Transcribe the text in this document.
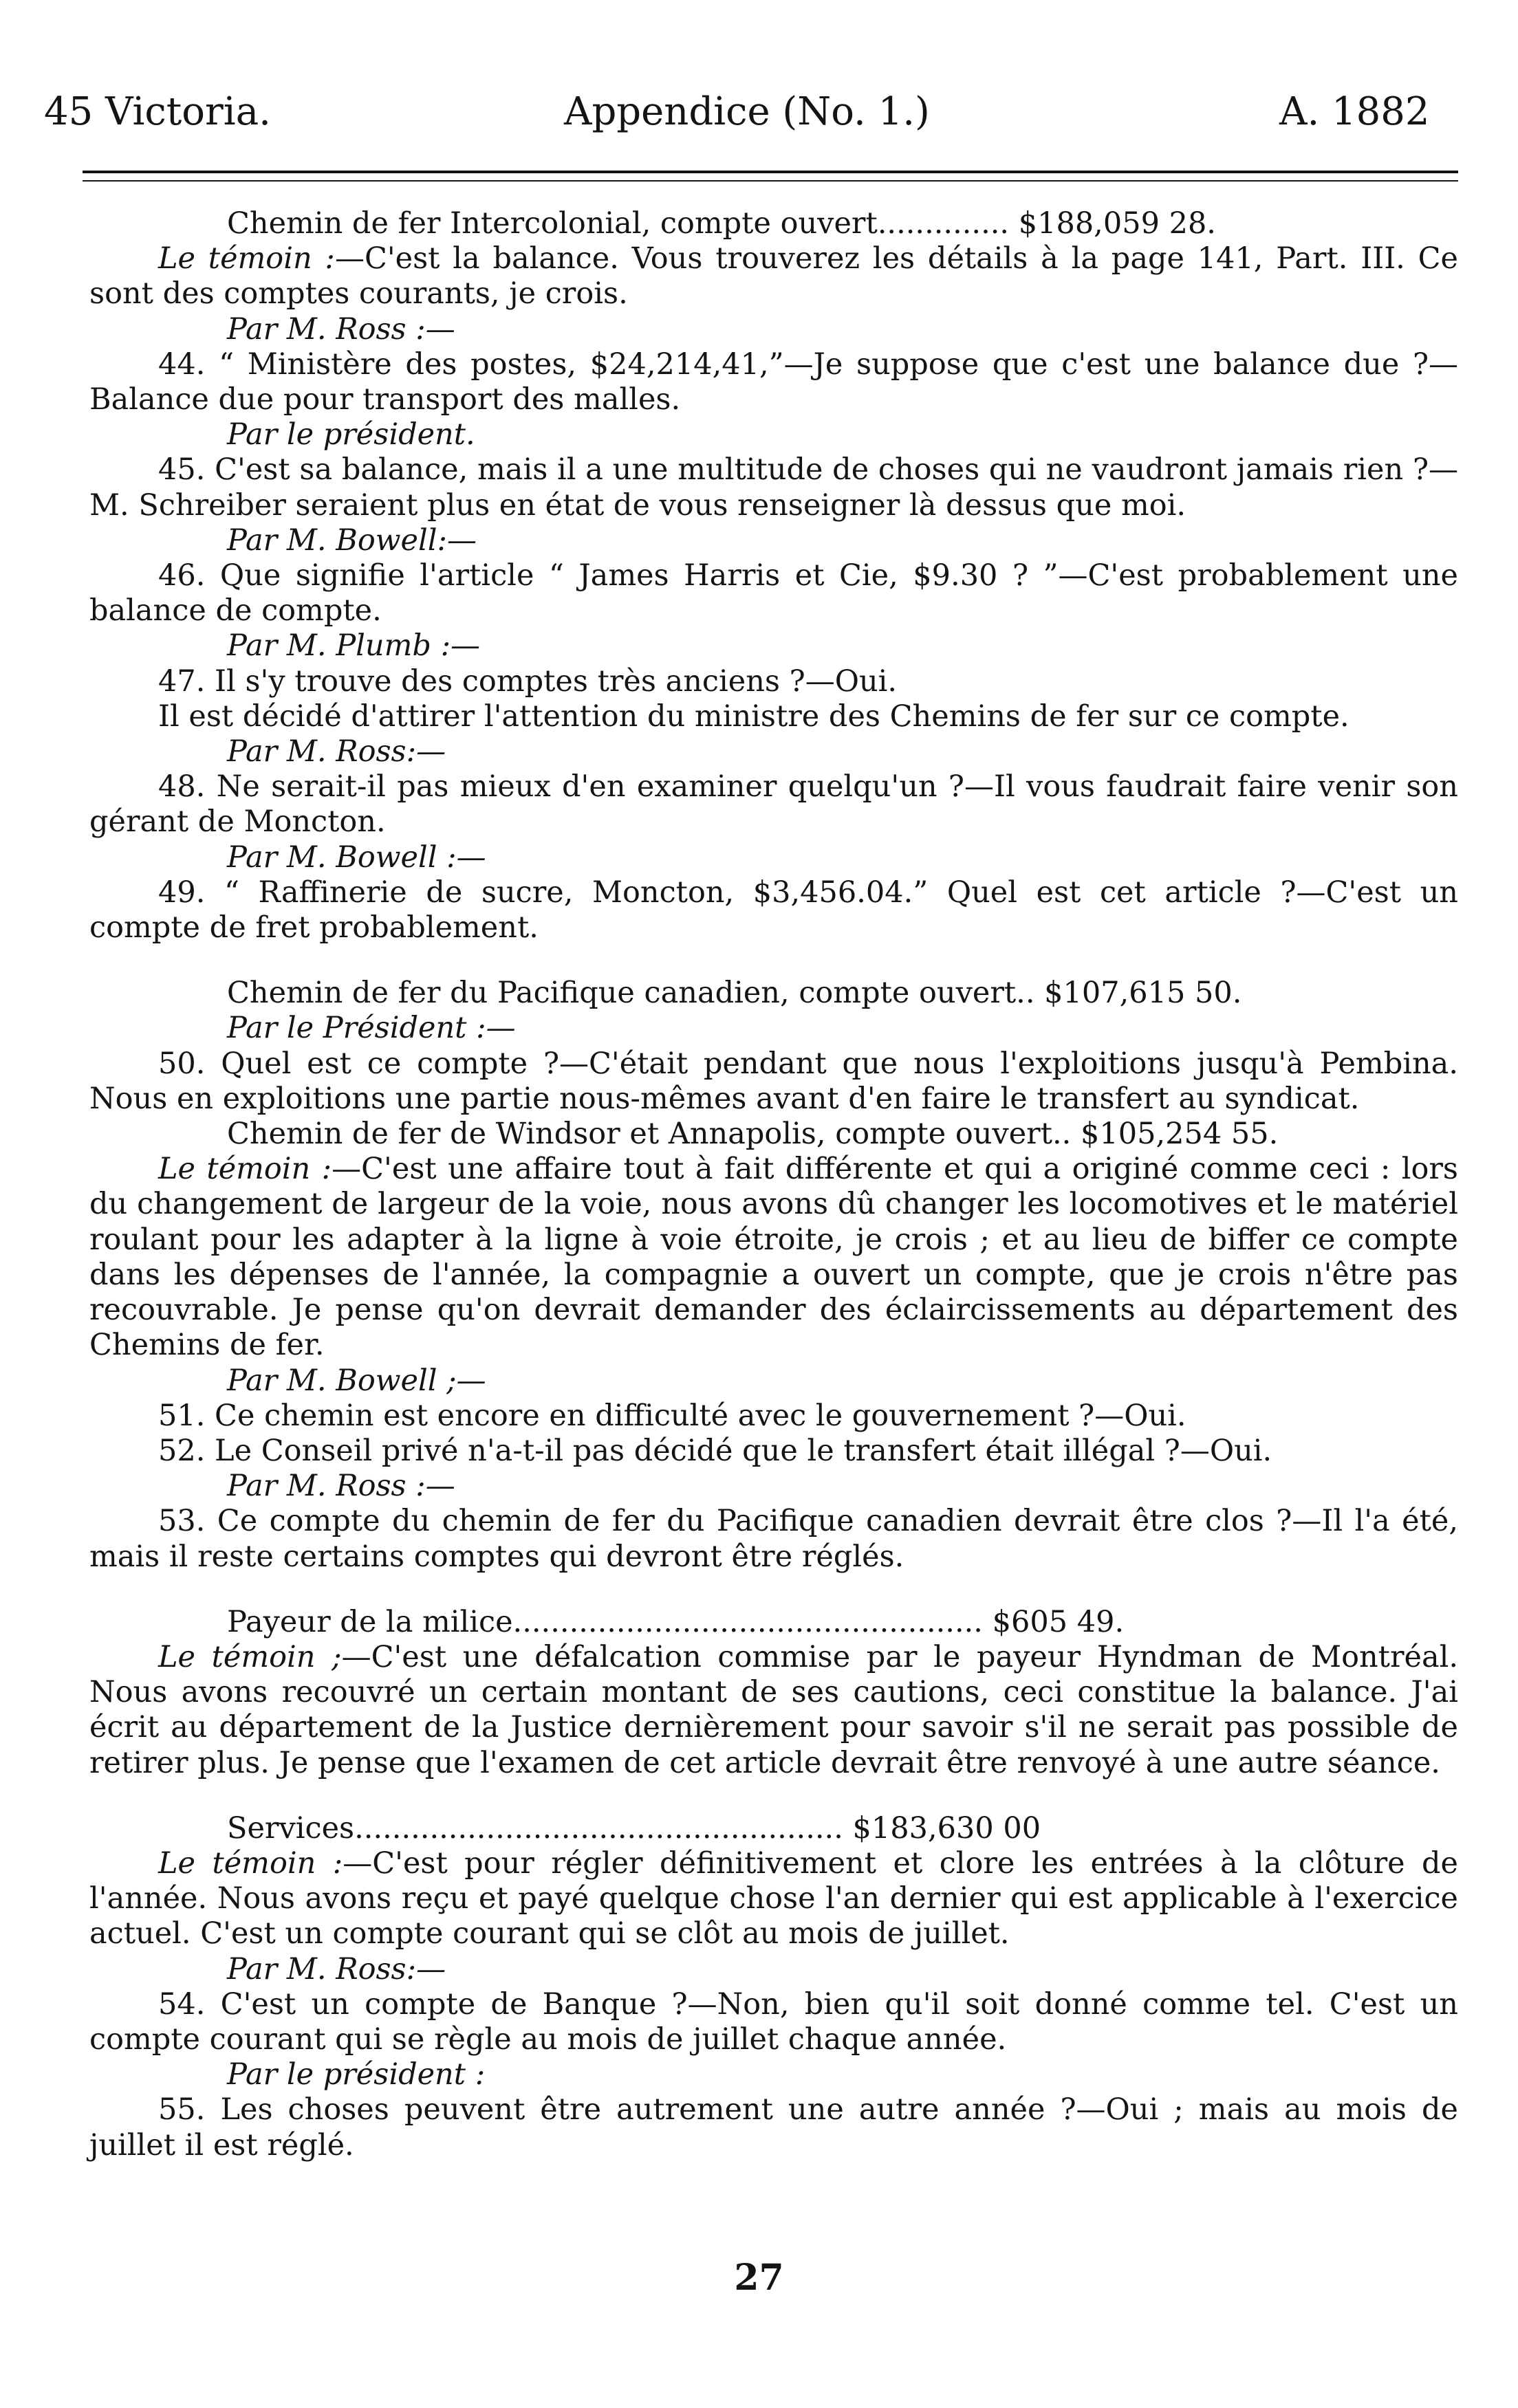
45 Victoria.	Appendice (No. 1.)	A. 1882
Chemin de fer Intercolonial, compte ouvert.............. $188,059 28.
Le témoin :—C'est la balance. Vous trouverez les détails à la page 141, Part. III. Ce sont des comptes courants, je crois.
Par M. Ross :—
44. “ Ministère des postes, $24,214,41,”—Je suppose que c'est une balance due ?—Balance due pour transport des malles.
Par le président.
45. C'est sa balance, mais il a une multitude de choses qui ne vaudront jamais rien ?—M. Schreiber seraient plus en état de vous renseigner là dessus que moi.
Par M. Bowell:—
46. Que signifie l'article “ James Harris et Cie, $9.30 ? ”—C'est probablement une balance de compte.
Par M. Plumb :—
47. Il s'y trouve des comptes très anciens ?—Oui.
Il est décidé d'attirer l'attention du ministre des Chemins de fer sur ce compte.
Par M. Ross:—
48. Ne serait-il pas mieux d'en examiner quelqu'un ?—Il vous faudrait faire venir son gérant de Moncton.
Par M. Bowell :—
49. “ Raffinerie de sucre, Moncton, $3,456.04.” Quel est cet article ?—C'est un compte de fret probablement.
Chemin de fer du Pacifique canadien, compte ouvert.. $107,615 50.
Par le Président :—
50. Quel est ce compte ?—C'était pendant que nous l'exploitions jusqu'à Pembina. Nous en exploitions une partie nous-mêmes avant d'en faire le transfert au syndicat.
Chemin de fer de Windsor et Annapolis, compte ouvert.. $105,254 55.
Le témoin :—C'est une affaire tout à fait différente et qui a originé comme ceci : lors du changement de largeur de la voie, nous avons dû changer les locomotives et le matériel roulant pour les adapter à la ligne à voie étroite, je crois ; et au lieu de biffer ce compte dans les dépenses de l'année, la compagnie a ouvert un compte, que je crois n'être pas recouvrable. Je pense qu'on devrait demander des éclaircissements au département des Chemins de fer.
Par M. Bowell ;—
51. Ce chemin est encore en difficulté avec le gouvernement ?—Oui.
52. Le Conseil privé n'a-t-il pas décidé que le transfert était illégal ?—Oui.
Par M. Ross :—
53. Ce compte du chemin de fer du Pacifique canadien devrait être clos ?—Il l'a été, mais il reste certains comptes qui devront être réglés.
Payeur de la milice.................................................. $605 49.
Le témoin ;—C'est une défalcation commise par le payeur Hyndman de Montréal. Nous avons recouvré un certain montant de ses cautions, ceci constitue la balance. J'ai écrit au département de la Justice dernièrement pour savoir s'il ne serait pas possible de retirer plus. Je pense que l'examen de cet article devrait être renvoyé à une autre séance.
Services.................................................... $183,630 00
Le témoin :—C'est pour régler définitivement et clore les entrées à la clôture de l'année. Nous avons reçu et payé quelque chose l'an dernier qui est applicable à l'exercice actuel. C'est un compte courant qui se clôt au mois de juillet.
Par M. Ross:—
54. C'est un compte de Banque ?—Non, bien qu'il soit donné comme tel. C'est un compte courant qui se règle au mois de juillet chaque année.
Par le président :
55. Les choses peuvent être autrement une autre année ?—Oui ; mais au mois de juillet il est réglé.
27
